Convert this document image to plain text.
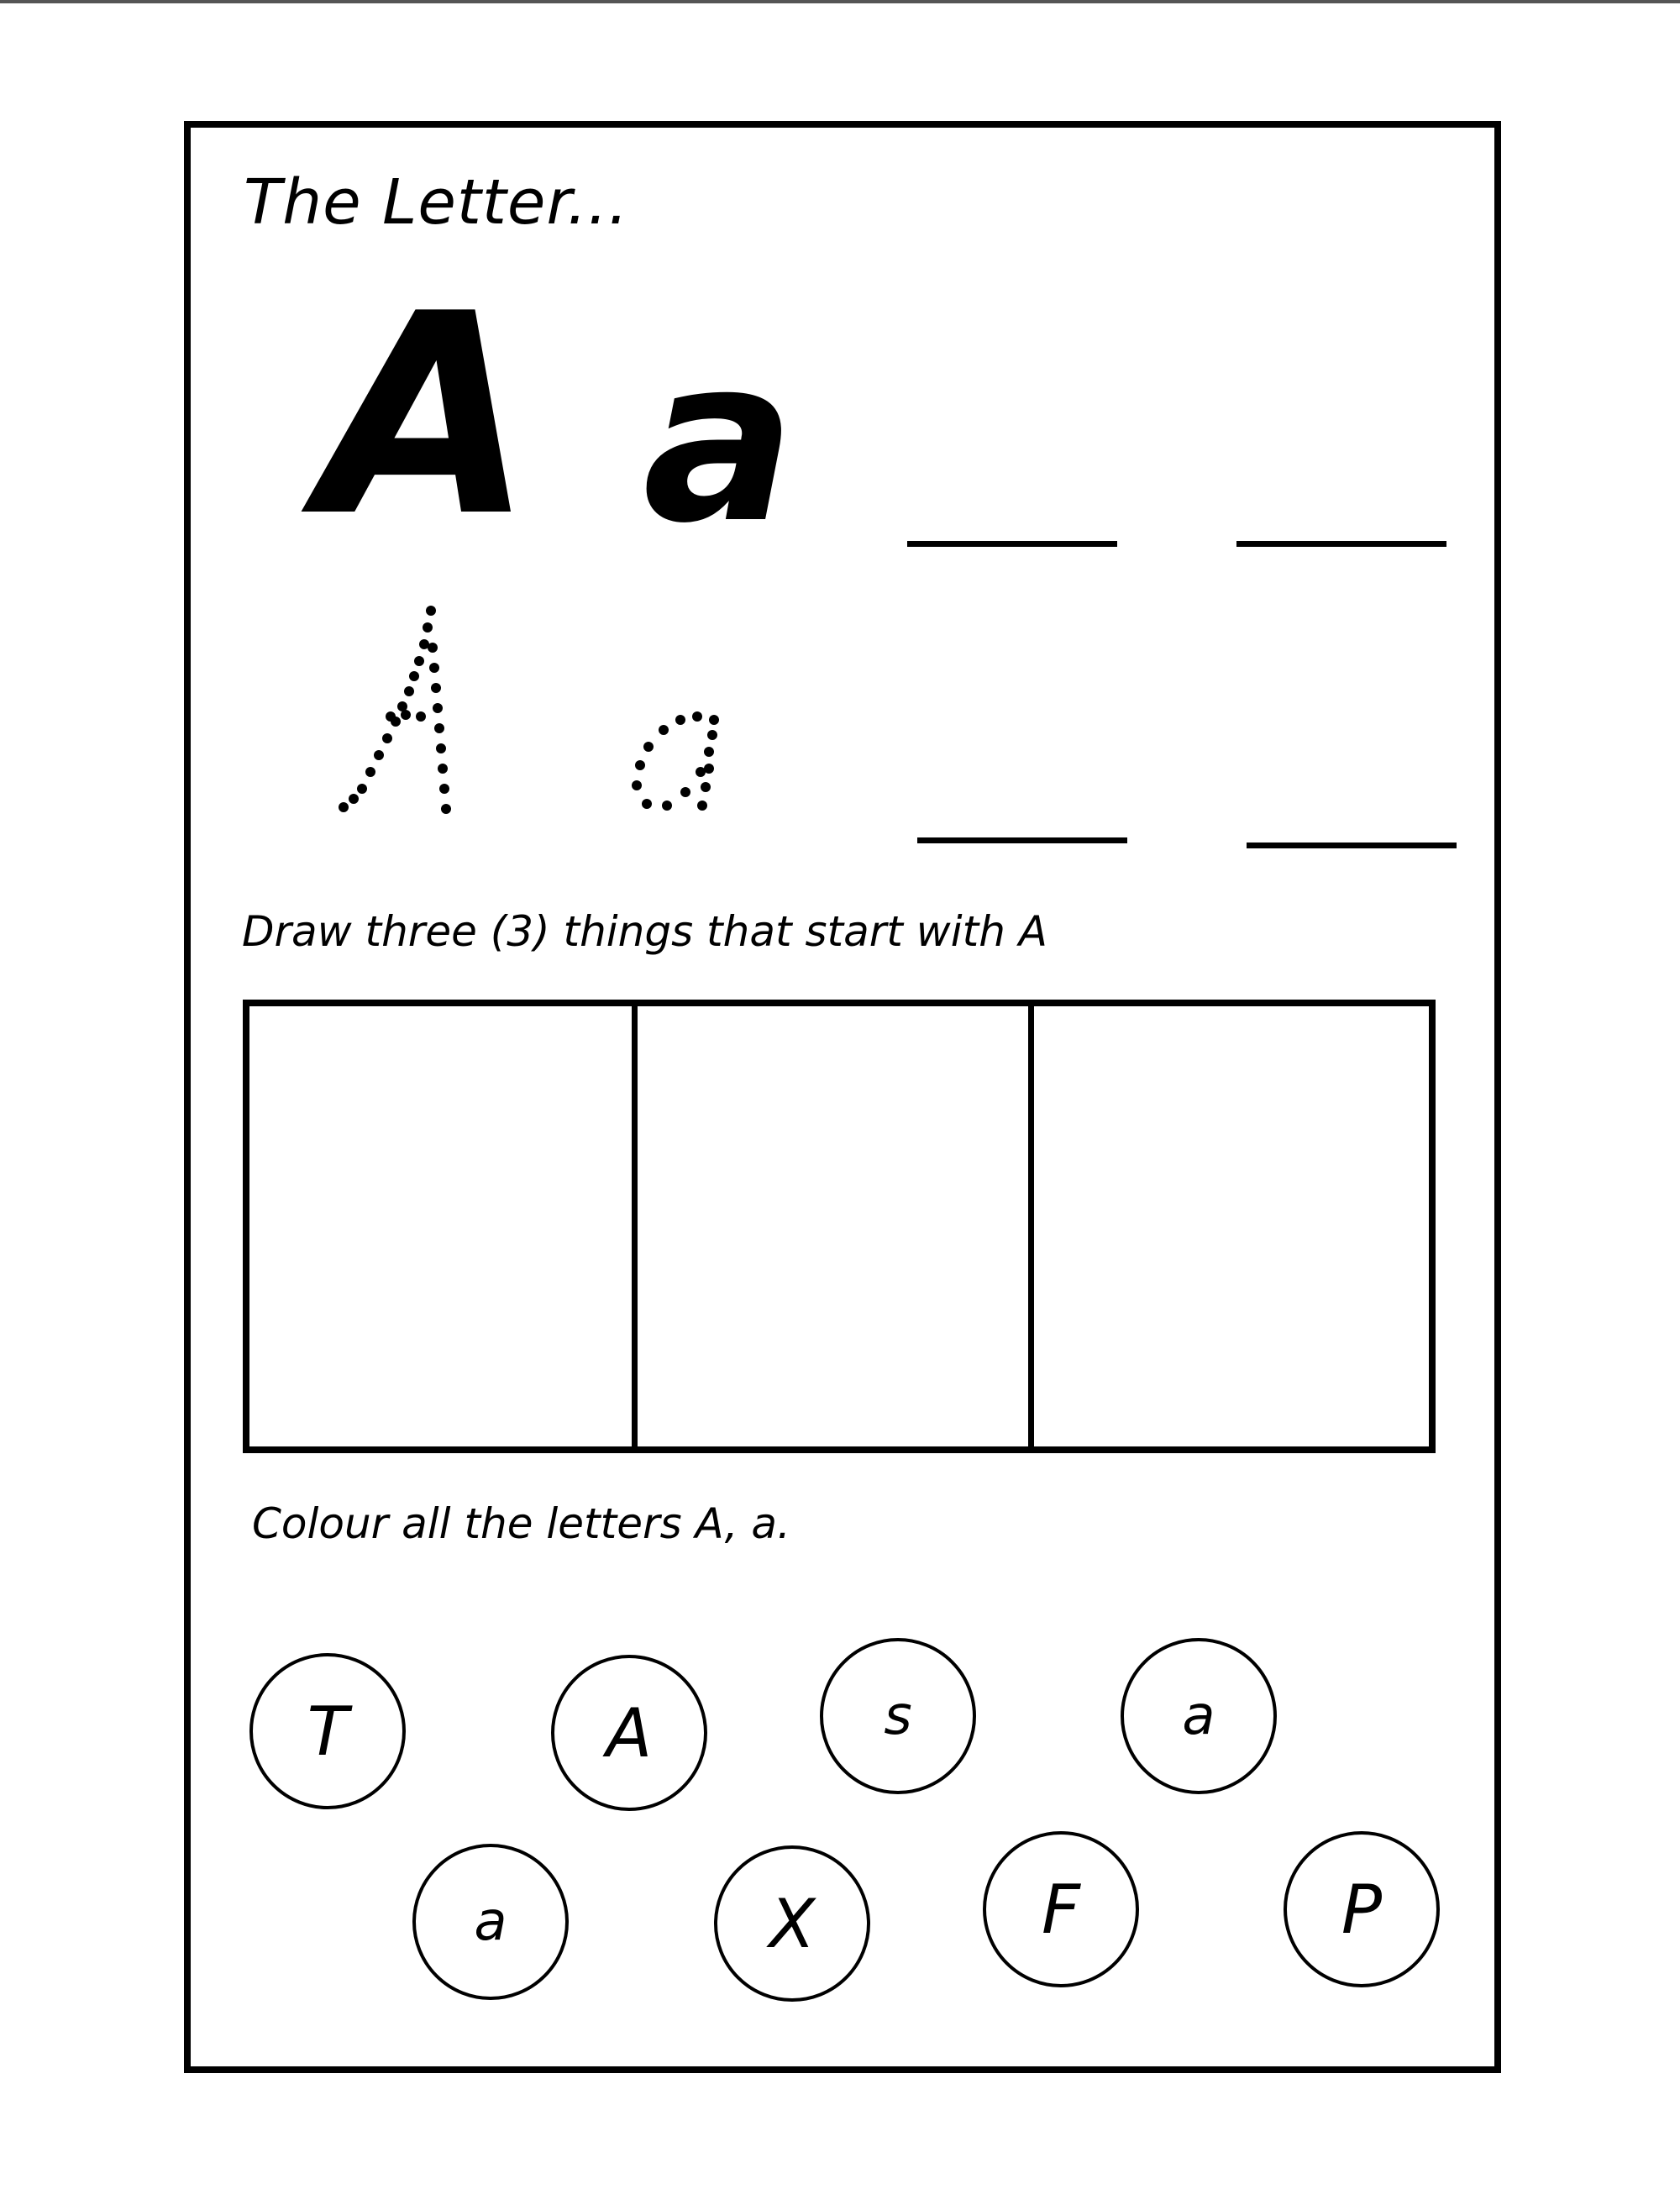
The Letter...
A a
Draw three (3) things that start with A
Colour all the letters A, a.
T	A	s	a
a	X	F	P
